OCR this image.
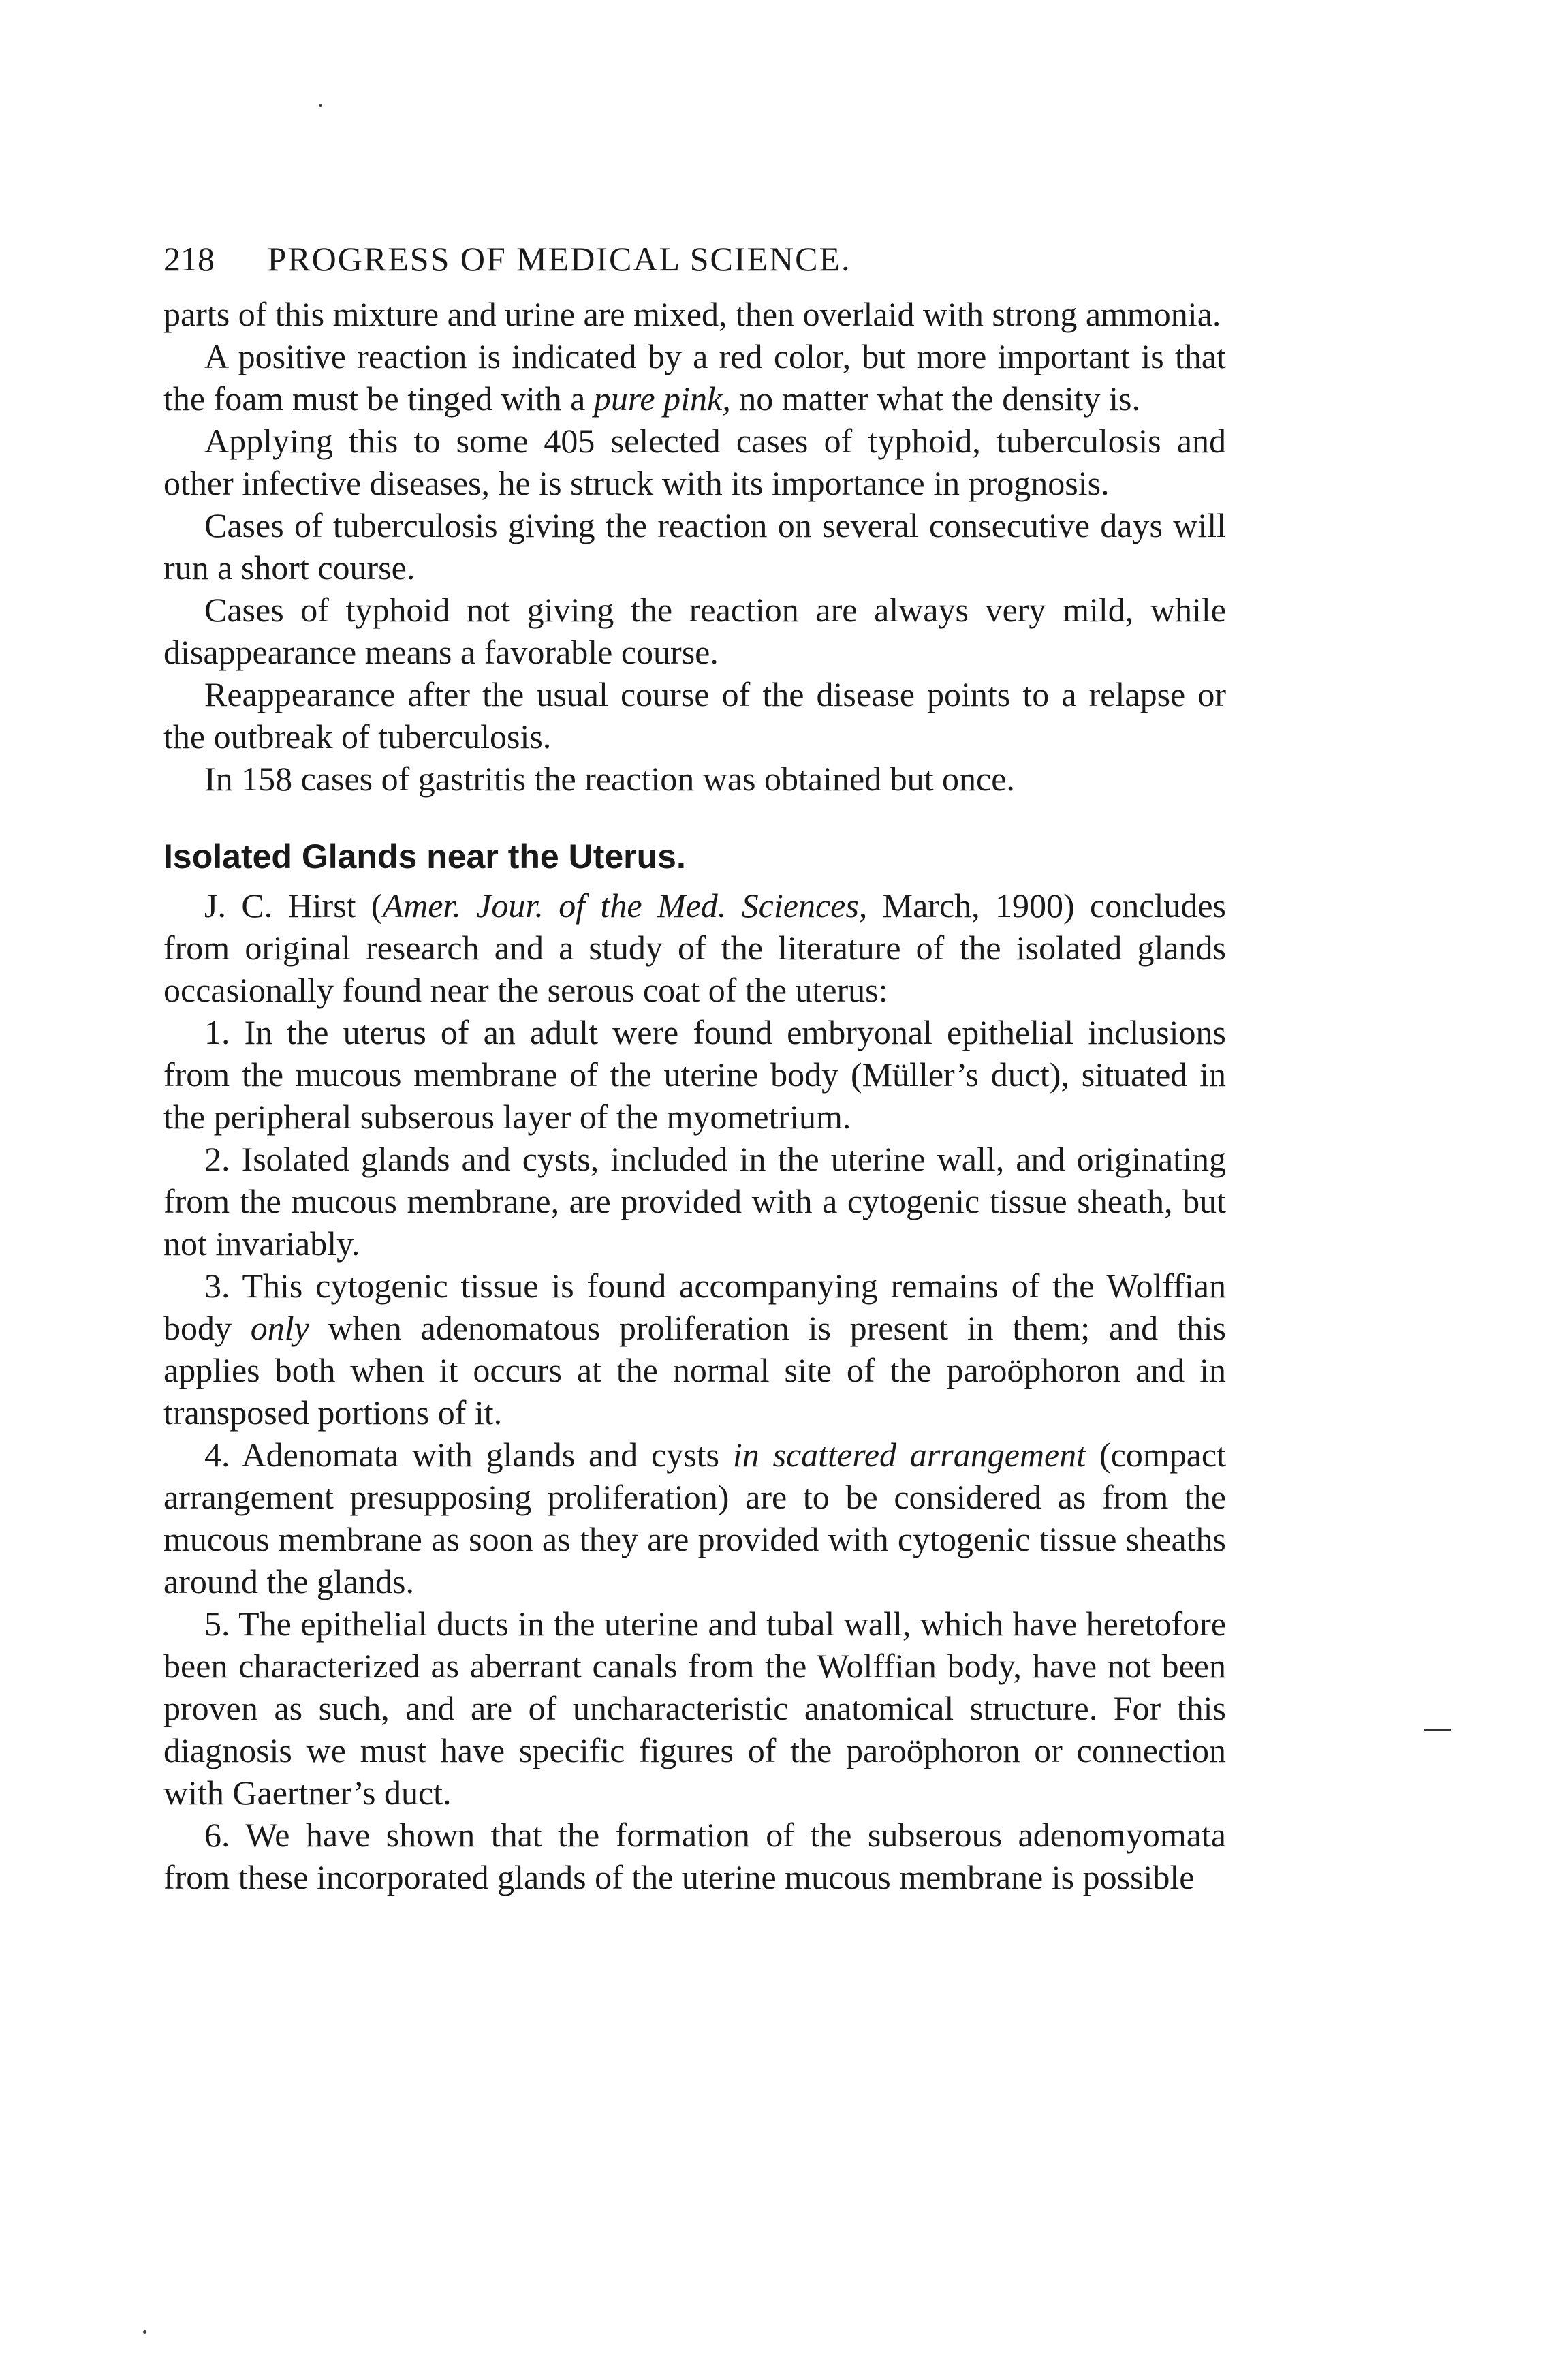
218 PROGRESS OF MEDICAL SCIENCE.

parts of this mixture and urine are mixed, then overlaid with strong ammonia.

A positive reaction is indicated by a red color, but more important is that the foam must be tinged with a pure pink, no matter what the density is.

Applying this to some 405 selected cases of typhoid, tuberculosis and other infective diseases, he is struck with its importance in prognosis.

Cases of tuberculosis giving the reaction on several consecutive days will run a short course.

Cases of typhoid not giving the reaction are always very mild, while disappearance means a favorable course.

Reappearance after the usual course of the disease points to a relapse or the outbreak of tuberculosis.

In 158 cases of gastritis the reaction was obtained but once.

Isolated Glands near the Uterus.

J. C. Hirst (Amer. Jour. of the Med. Sciences, March, 1900) concludes from original research and a study of the literature of the isolated glands occasionally found near the serous coat of the uterus:

1. In the uterus of an adult were found embryonal epithelial inclusions from the mucous membrane of the uterine body (Müller’s duct), situated in the peripheral subserous layer of the myometrium.

2. Isolated glands and cysts, included in the uterine wall, and originating from the mucous membrane, are provided with a cytogenic tissue sheath, but not invariably.

3. This cytogenic tissue is found accompanying remains of the Wolffian body only when adenomatous proliferation is present in them; and this applies both when it occurs at the normal site of the paroöphoron and in transposed portions of it.

4. Adenomata with glands and cysts in scattered arrangement (compact arrangement presupposing proliferation) are to be considered as from the mucous membrane as soon as they are provided with cytogenic tissue sheaths around the glands.

5. The epithelial ducts in the uterine and tubal wall, which have heretofore been characterized as aberrant canals from the Wolffian body, have not been proven as such, and are of uncharacteristic anatomical structure. For this diagnosis we must have specific figures of the paroöphoron or connection with Gaertner’s duct.

6. We have shown that the formation of the subserous adenomyomata from these incorporated glands of the uterine mucous membrane is possible
